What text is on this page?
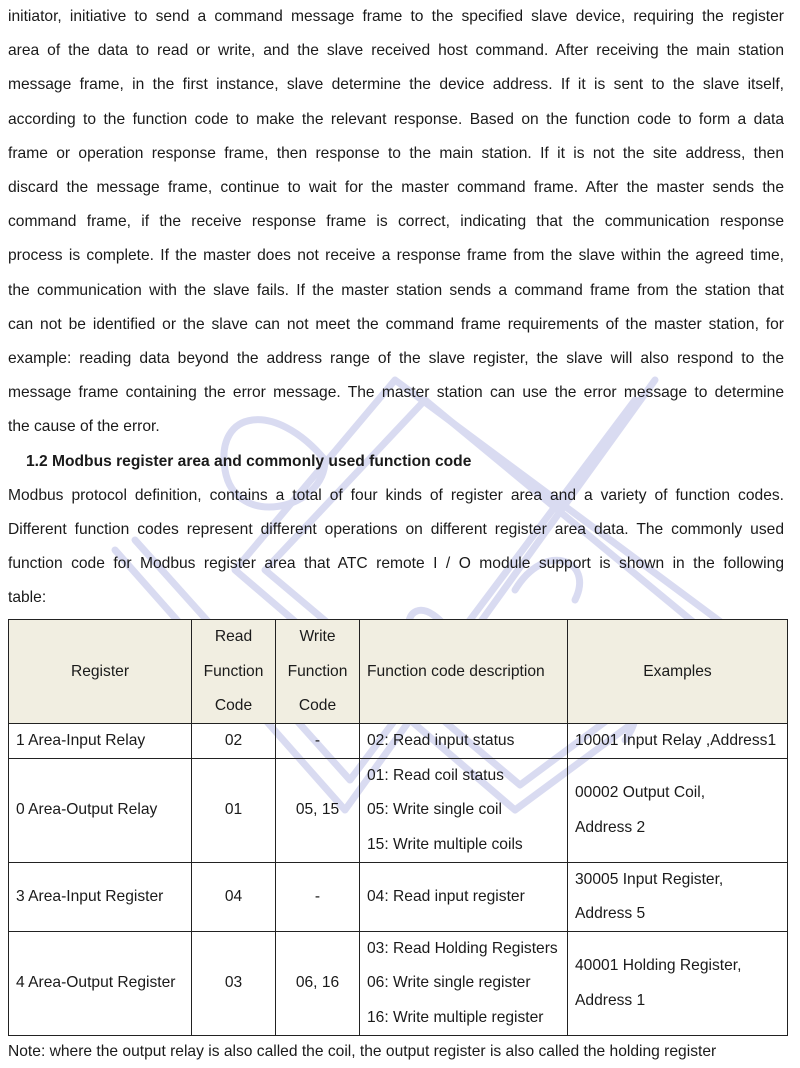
initiator, initiative to send a command message frame to the specified slave device, requiring the register
area of the data to read or write, and the slave received host command. After receiving the main station
message frame, in the first instance, slave determine the device address. If it is sent to the slave itself,
according to the function code to make the relevant response. Based on the function code to form a data
frame or operation response frame, then response to the main station. If it is not the site address, then
discard the message frame, continue to wait for the master command frame. After the master sends the
command frame, if the receive response frame is correct, indicating that the communication response
process is complete. If the master does not receive a response frame from the slave within the agreed time,
the communication with the slave fails. If the master station sends a command frame from the station that
can not be identified or the slave can not meet the command frame requirements of the master station, for
example: reading data beyond the address range of the slave register, the slave will also respond to the
message frame containing the error message. The master station can use the error message to determine
the cause of the error.

1.2 Modbus register area and commonly used function code

Modbus protocol definition, contains a total of four kinds of register area and a variety of function codes.
Different function codes represent different operations on different register area data. The commonly used
function code for Modbus register area that ATC remote I / O module support is shown in the following
table:
Register	Read
Function
Code	Write
Function
Code	Function code description	Examples
1 Area-Input Relay	02	-	02: Read input status	10001 Input Relay ,Address1

0 Area-Output Relay	01	05, 15	01: Read coil status
05: Write single coil
15: Write multiple coils	00002 Output Coil,
Address 2

3 Area-Input Register	04	-	04: Read input register	30005 Input Register,
Address 5

4 Area-Output Register	03	06, 16	03: Read Holding Registers
06: Write single register
16: Write multiple register	40001 Holding Register,
Address 1

Note: where the output relay is also called the coil, the output register is also called the holding register
